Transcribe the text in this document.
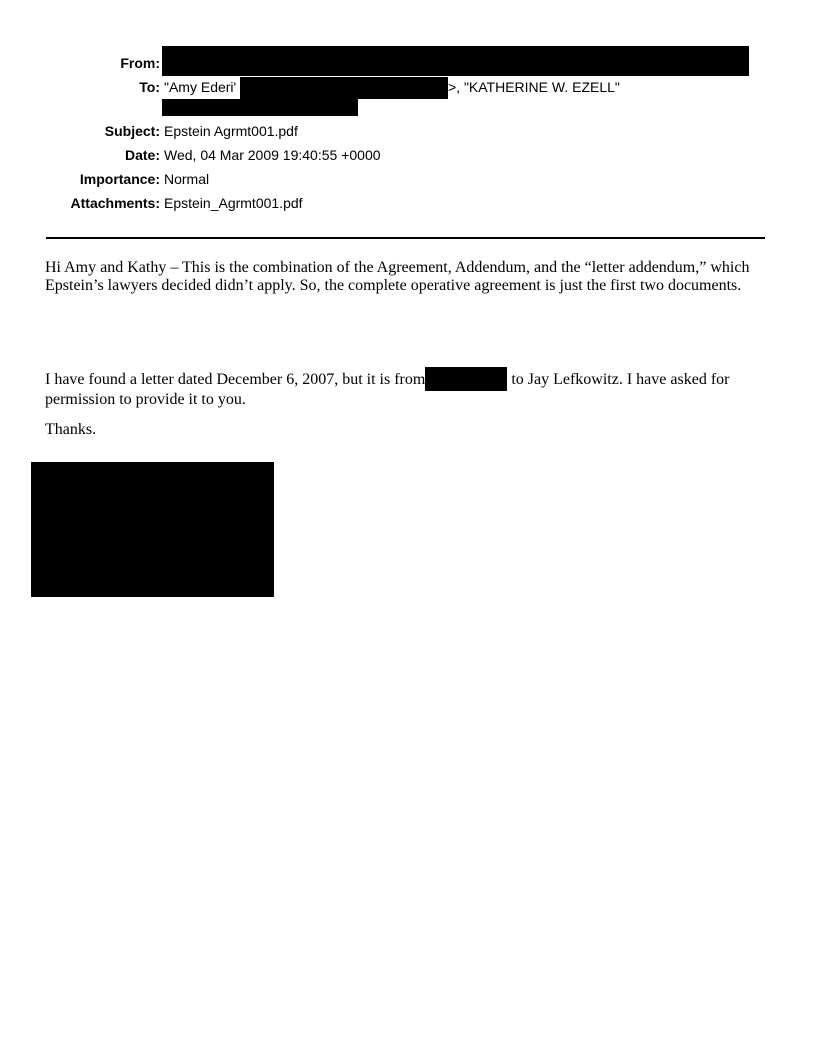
From:
To: "Amy Ederi'	>, "KATHERINE W. EZELL"
Subject: Epstein Agrmt001.pdf
Date: Wed, 04 Mar 2009 19:40:55 +0000
Importance: Normal
Attachments: Epstein_Agrmt001.pdf

Hi Amy and Kathy – This is the combination of the Agreement, Addendum, and the “letter addendum,” which Epstein’s lawyers decided didn’t apply. So, the complete operative agreement is just the first two documents.

I have found a letter dated December 6, 2007, but it is from	to Jay Lefkowitz. I have asked for permission to provide it to you.

Thanks.
